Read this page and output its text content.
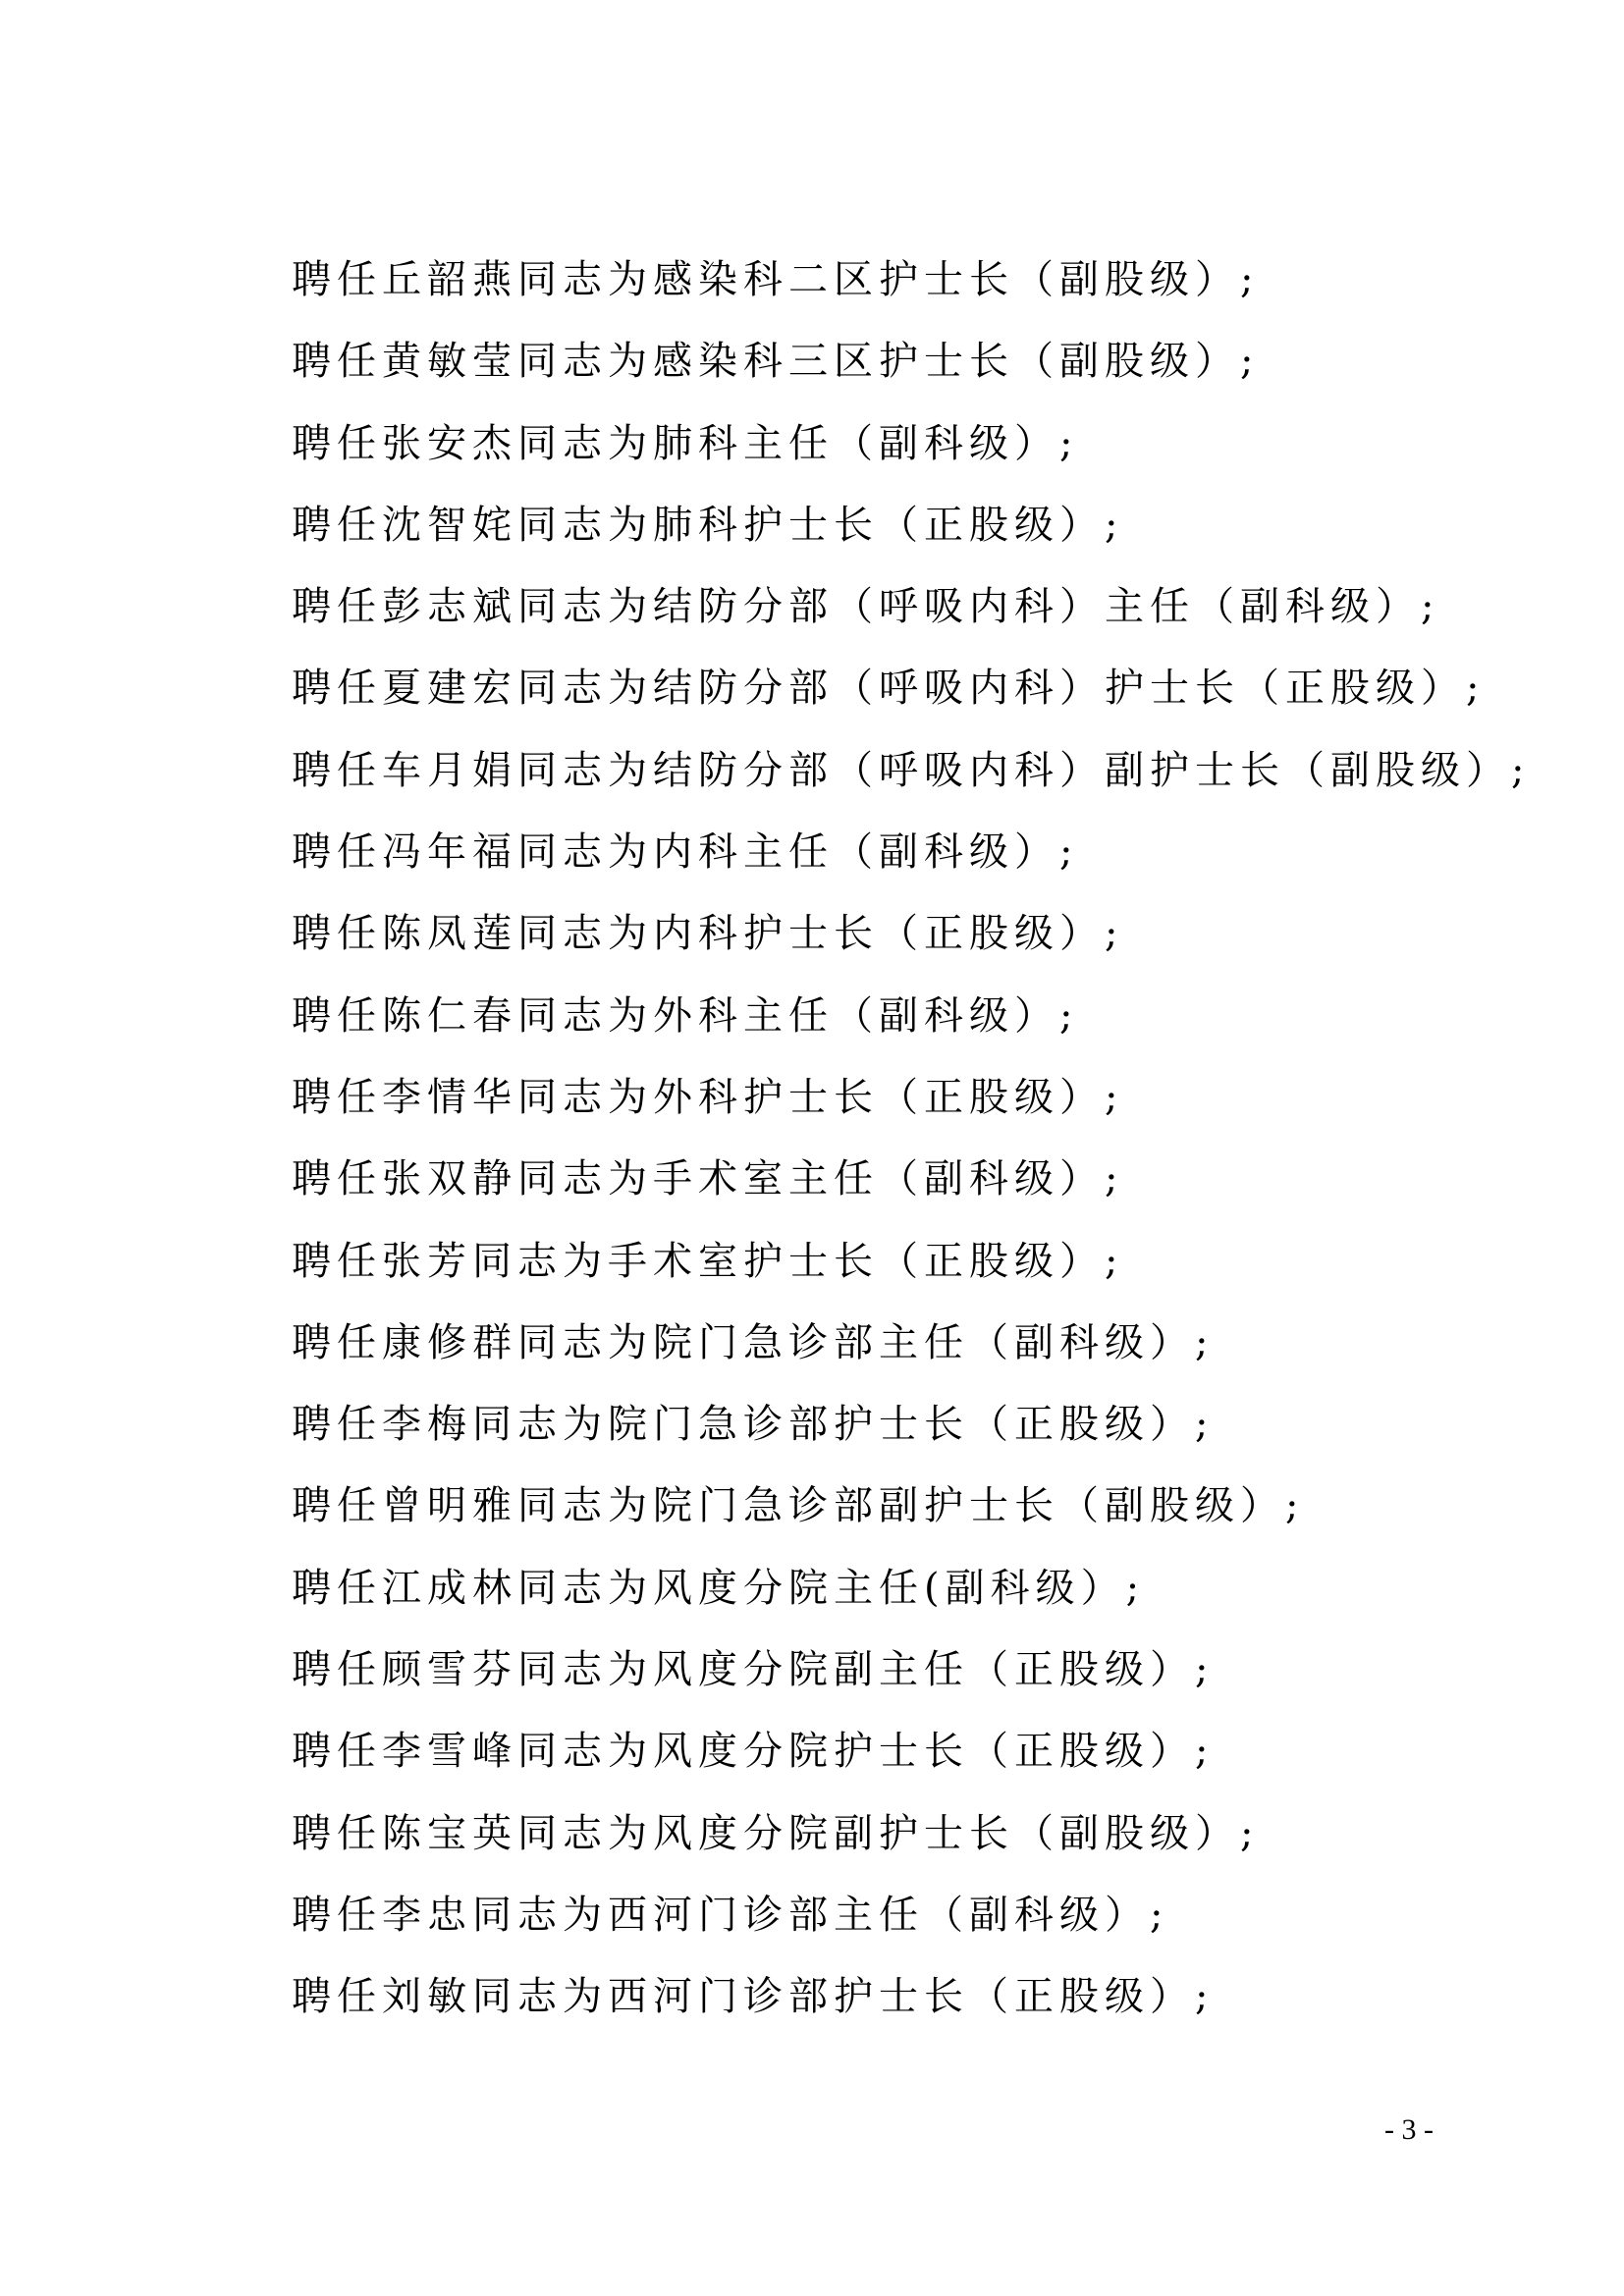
聘任丘韶燕同志为感染科二区护士长（副股级）;
聘任黄敏莹同志为感染科三区护士长（副股级）;
聘任张安杰同志为肺科主任（副科级）;
聘任沈智姹同志为肺科护士长（正股级）;
聘任彭志斌同志为结防分部（呼吸内科）主任（副科级）;
聘任夏建宏同志为结防分部（呼吸内科）护士长（正股级）;
聘任车月娟同志为结防分部（呼吸内科）副护士长（副股级）;
聘任冯年福同志为内科主任（副科级）;
聘任陈凤莲同志为内科护士长（正股级）;
聘任陈仁春同志为外科主任（副科级）;
聘任李情华同志为外科护士长（正股级）;
聘任张双静同志为手术室主任（副科级）;
聘任张芳同志为手术室护士长（正股级）;
聘任康修群同志为院门急诊部主任（副科级）;
聘任李梅同志为院门急诊部护士长（正股级）;
聘任曾明雅同志为院门急诊部副护士长（副股级）;
聘任江成林同志为风度分院主任(副科级）;
聘任顾雪芬同志为风度分院副主任（正股级）;
聘任李雪峰同志为风度分院护士长（正股级）;
聘任陈宝英同志为风度分院副护士长（副股级）;
聘任李忠同志为西河门诊部主任（副科级）;
聘任刘敏同志为西河门诊部护士长（正股级）;
- 3 -
